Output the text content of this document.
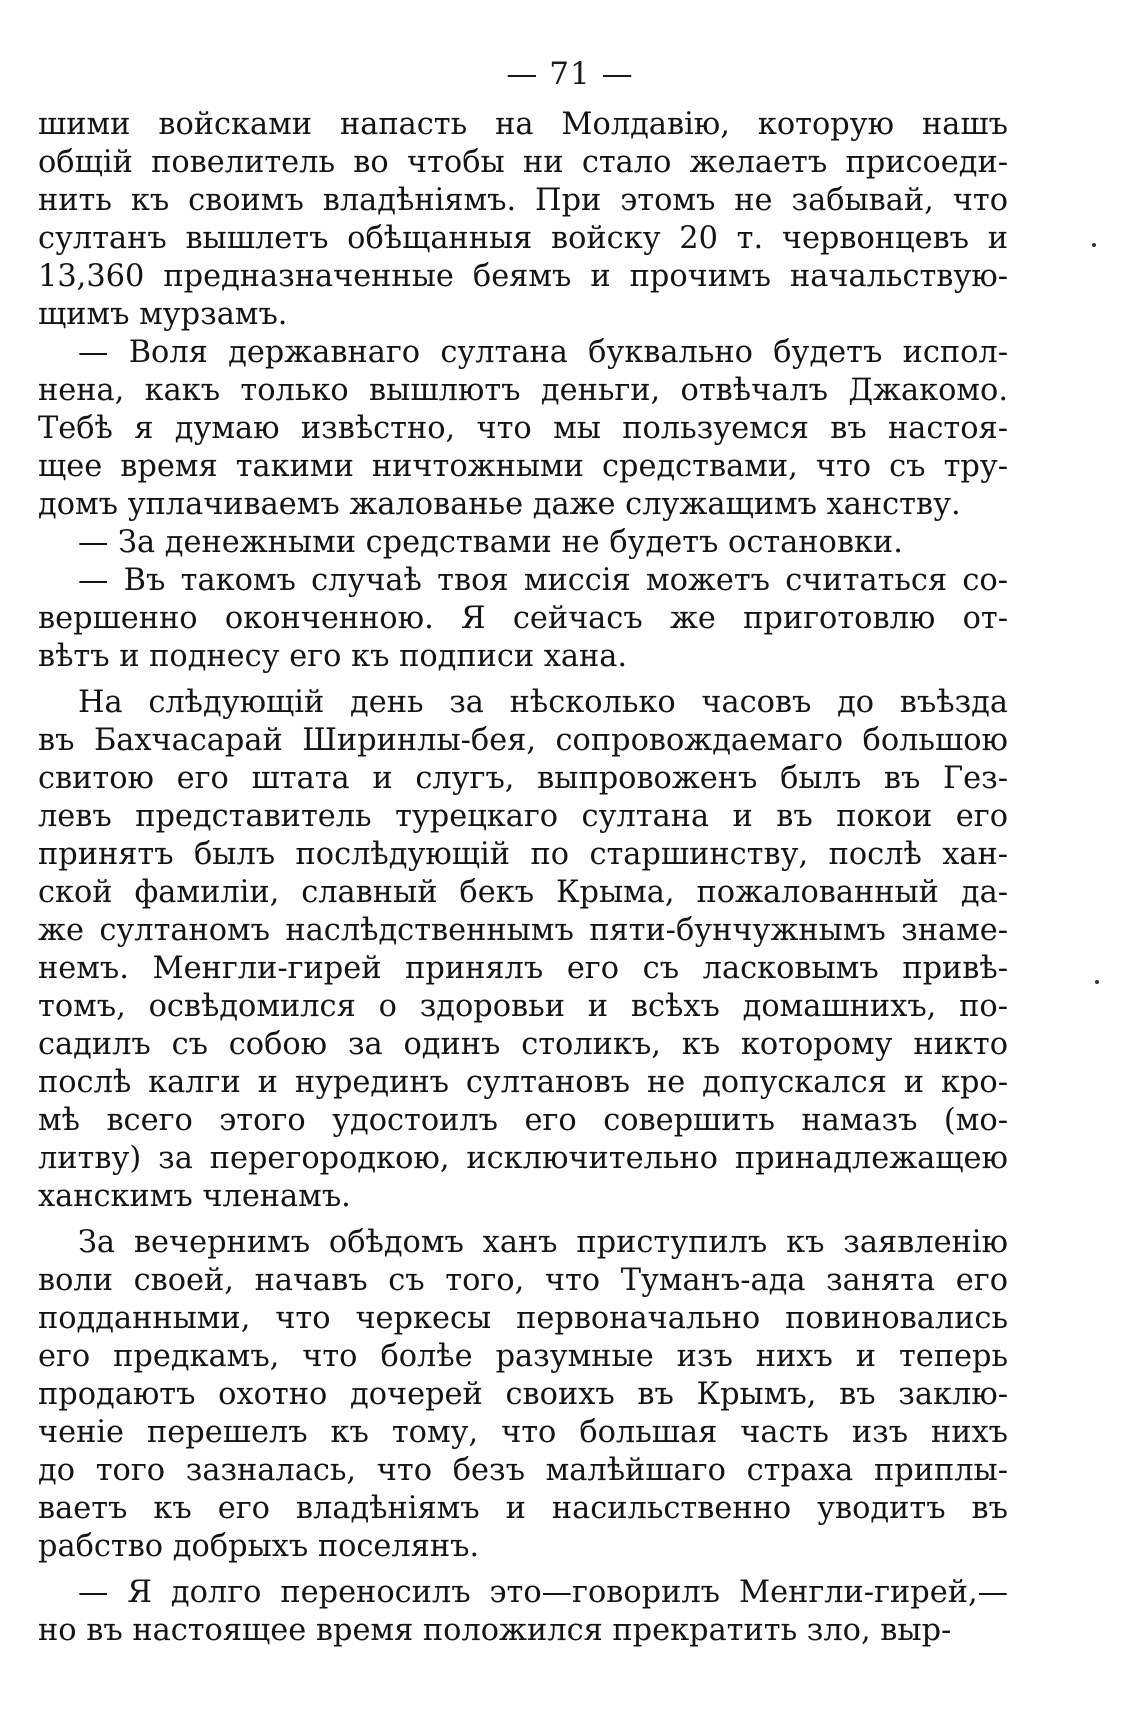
— 71 —
шими войсками напасть на Молдавію, которую нашъ
общій повелитель во чтобы ни стало желаетъ присоеди-
нить къ своимъ владѣніямъ. При этомъ не забывай, что
султанъ вышлетъ обѣщанныя войску 20 т. червонцевъ и
13,360 предназначенные беямъ и прочимъ начальствую-
щимъ мурзамъ.
— Воля державнаго султана буквально будетъ испол-
нена, какъ только вышлютъ деньги, отвѣчалъ Джакомо.
Тебѣ я думаю извѣстно, что мы пользуемся въ настоя-
щее время такими ничтожными средствами, что съ тру-
домъ уплачиваемъ жалованье даже служащимъ ханству.
— За денежными средствами не будетъ остановки.
— Въ такомъ случаѣ твоя миссія можетъ считаться со-
вершенно оконченною. Я сейчасъ же приготовлю от-
вѣтъ и поднесу его къ подписи хана.
На слѣдующій день за нѣсколько часовъ до въѣзда
въ Бахчасарай Ширинлы-бея, сопровождаемаго большою
свитою его штата и слугъ, выпровоженъ былъ въ Гез-
левъ представитель турецкаго султана и въ покои его
принятъ былъ послѣдующій по старшинству, послѣ хан-
ской фамиліи, славный бекъ Крыма, пожалованный да-
же султаномъ наслѣдственнымъ пяти-бунчужнымъ знаме-
немъ. Менгли-гирей принялъ его съ ласковымъ привѣ-
томъ, освѣдомился о здоровьи и всѣхъ домашнихъ, по-
садилъ съ собою за одинъ столикъ, къ которому никто
послѣ калги и нурединъ султановъ не допускался и кро-
мѣ всего этого удостоилъ его совершить намазъ (мо-
литву) за перегородкою, исключительно принадлежащею
ханскимъ членамъ.
За вечернимъ обѣдомъ ханъ приступилъ къ заявленію
воли своей, начавъ съ того, что Туманъ-ада занята его
подданными, что черкесы первоначально повиновались
его предкамъ, что болѣе разумные изъ нихъ и теперь
продаютъ охотно дочерей своихъ въ Крымъ, въ заклю-
ченіе перешелъ къ тому, что большая часть изъ нихъ
до того зазналась, что безъ малѣйшаго страха приплы-
ваетъ къ его владѣніямъ и насильственно уводитъ въ
рабство добрыхъ поселянъ.
— Я долго переносилъ это—говорилъ Менгли-гирей,—
но въ настоящее время положился прекратить зло, выр-
